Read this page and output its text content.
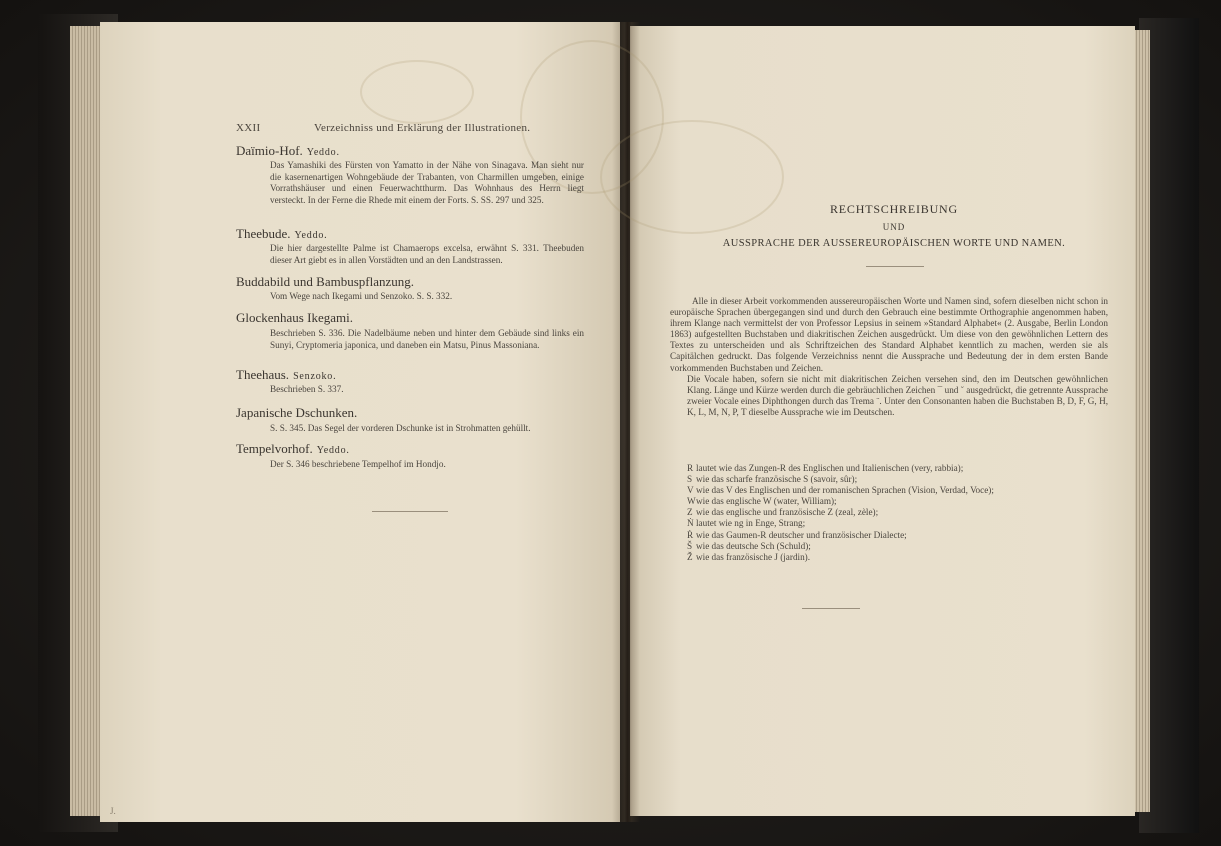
XXII	Verzeichniss und Erklärung der Illustrationen.
Daïmio-Hof. Yeddo.
Das Yamashiki des Fürsten von Yamatto in der Nähe von Sinagava. Man sieht nur die kasernenartigen Wohngebäude der Trabanten, von Charmillen umgeben, einige Vorrathshäuser und einen Feuerwachtthurm. Das Wohnhaus des Herrn liegt versteckt. In der Ferne die Rhede mit einem der Forts. S. SS. 297 und 325.
Theebude. Yeddo.
Die hier dargestellte Palme ist Chamaerops excelsa, erwähnt S. 331. Theebuden dieser Art giebt es in allen Vorstädten und an den Landstrassen.
Buddabild und Bambuspflanzung.
Vom Wege nach Ikegami und Senzoko. S. S. 332.
Glockenhaus Ikegami.
Beschrieben S. 336. Die Nadelbäume neben und hinter dem Gebäude sind links ein Sunyi, Cryptomeria japonica, und daneben ein Matsu, Pinus Massoniana.
Theehaus. Senzoko.
Beschrieben S. 337.
Japanische Dschunken.
S. S. 345. Das Segel der vorderen Dschunke ist in Strohmatten gehüllt.
Tempelvorhof. Yeddo.
Der S. 346 beschriebene Tempelhof im Hondjo.
J.
RECHTSCHREIBUNG
UND
AUSSPRACHE DER AUSSEREUROPÄISCHEN WORTE UND NAMEN.
Alle in dieser Arbeit vorkommenden aussereuropäischen Worte und Namen sind, sofern dieselben nicht schon in europäische Sprachen übergegangen sind und durch den Gebrauch eine bestimmte Orthographie angenommen haben, ihrem Klange nach vermittelst der von Professor Lepsius in seinem »Standard Alphabet« (2. Ausgabe, Berlin London 1863) aufgestellten Buchstaben und diakritischen Zeichen ausgedrückt. Um diese von den gewöhnlichen Lettern des Textes zu unterscheiden und als Schriftzeichen des Standard Alphabet kenntlich zu machen, werden sie als Capitälchen gedruckt. Das folgende Verzeichniss nennt die Aussprache und Bedeutung der in dem ersten Bande vorkommenden Buchstaben und Zeichen.
Die Vocale haben, sofern sie nicht mit diakritischen Zeichen versehen sind, den im Deutschen gewöhnlichen Klang. Länge und Kürze werden durch die gebräuchlichen Zeichen ¯ und ˘ ausgedrückt, die getrennte Aussprache zweier Vocale eines Diphthongen durch das Trema ¨. Unter den Consonanten haben die Buchstaben B, D, F, G, H, K, L, M, N, P, T dieselbe Aussprache wie im Deutschen.
R lautet wie das Zungen-R des Englischen und Italienischen (very, rabbia);
S wie das scharfe französische S (savoir, sûr);
V wie das V des Englischen und der romanischen Sprachen (Vision, Verdad, Voce);
W wie das englische W (water, William);
Z wie das englische und französische Z (zeal, zèle);
Ṅ lautet wie ng in Enge, Strang;
Ṙ wie das Gaumen-R deutscher und französischer Dialecte;
Š wie das deutsche Sch (Schuld);
Ž wie das französische J (jardin).
